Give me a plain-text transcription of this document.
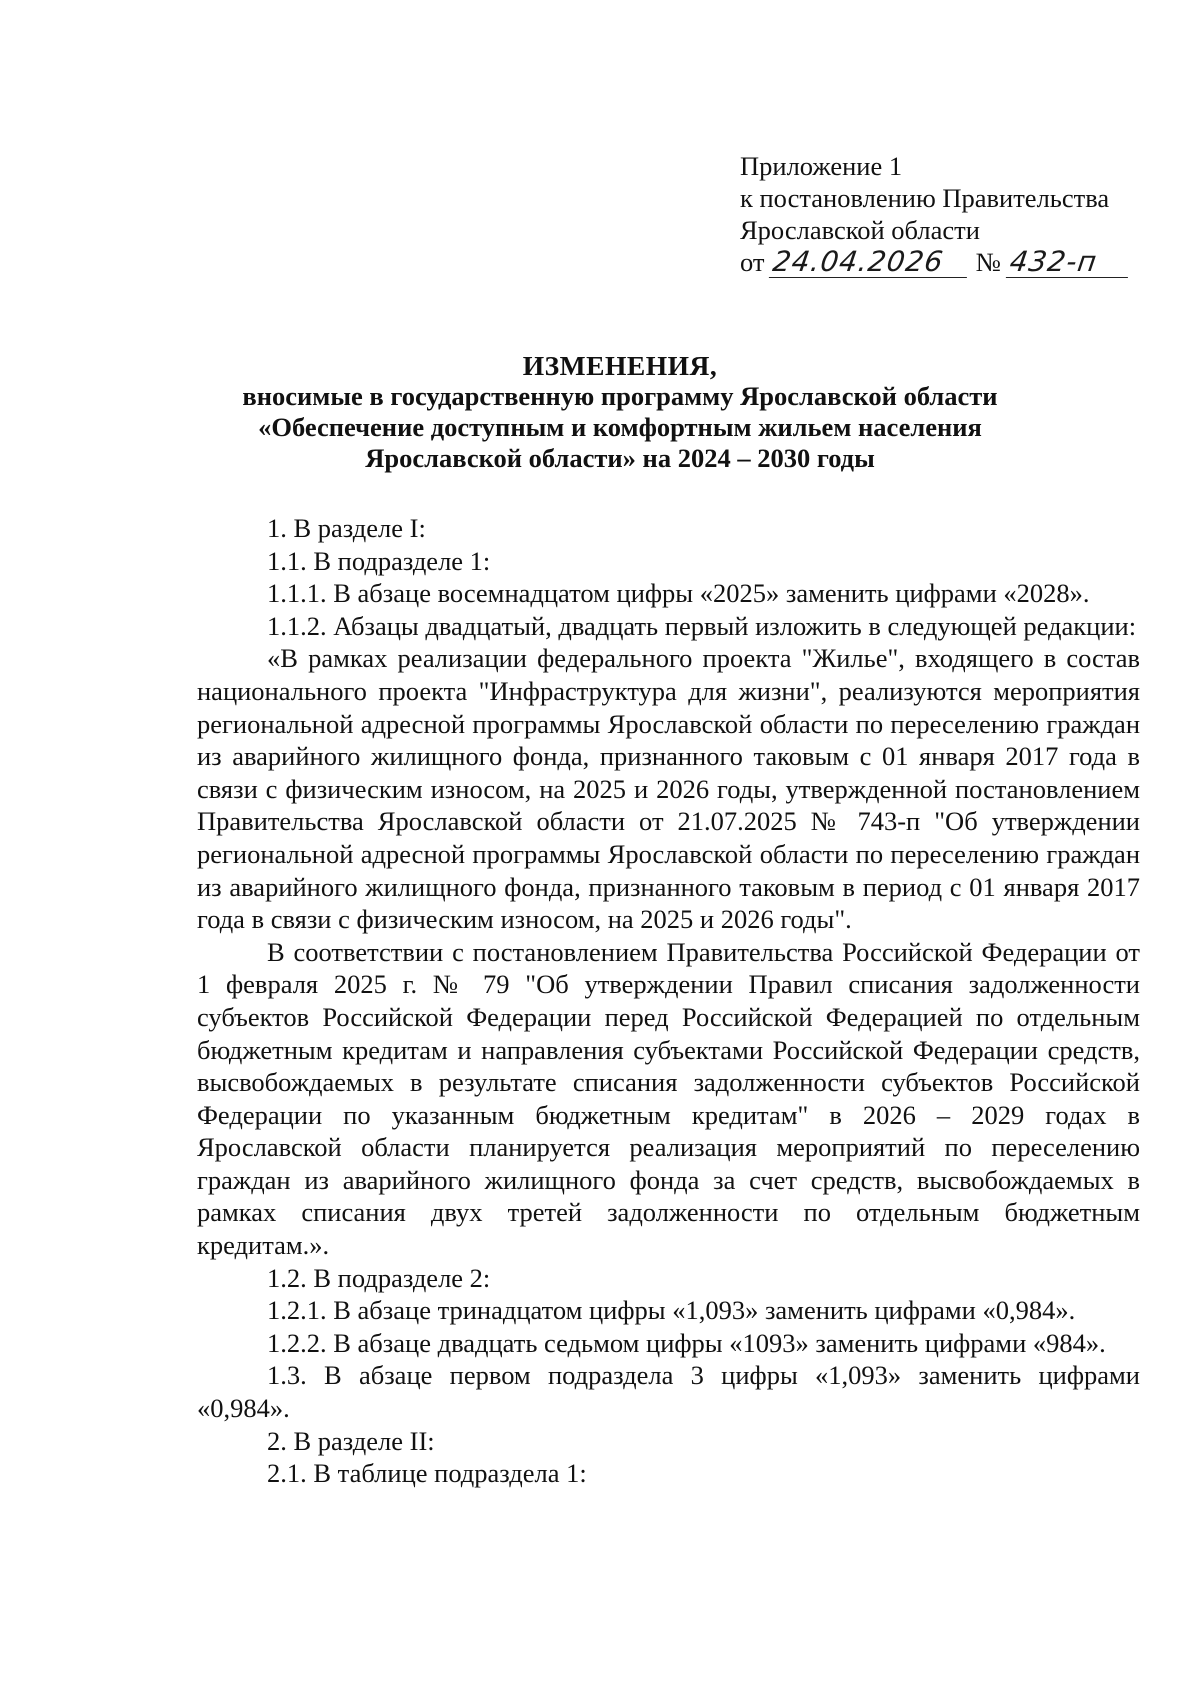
Приложение 1
к постановлению Правительства
Ярославской области
от 24.04.2026 № 432-п
ИЗМЕНЕНИЯ,
вносимые в государственную программу Ярославской области
«Обеспечение доступным и комфортным жильем населения
Ярославской области» на 2024 – 2030 годы

1. В разделе I:

1.1. В подразделе 1:

1.1.1. В абзаце восемнадцатом цифры «2025» заменить цифрами «2028».

1.1.2. Абзацы двадцатый, двадцать первый изложить в следующей редакции:

«В рамках реализации федерального проекта "Жилье", входящего в состав национального проекта "Инфраструктура для жизни", реализуются мероприятия региональной адресной программы Ярославской области по переселению граждан из аварийного жилищного фонда, признанного таковым с 01 января 2017 года в связи с физическим износом, на 2025 и 2026 годы, утвержденной постановлением Правительства Ярославской области от 21.07.2025 № 743-п "Об утверждении региональной адресной программы Ярославской области по переселению граждан из аварийного жилищного фонда, признанного таковым в период с 01 января 2017 года в связи с физическим износом, на 2025 и 2026 годы".

В соответствии с постановлением Правительства Российской Федерации от 1 февраля 2025 г. № 79 "Об утверждении Правил списания задолженности субъектов Российской Федерации перед Российской Федерацией по отдельным бюджетным кредитам и направления субъектами Российской Федерации средств, высвобождаемых в результате списания задолженности субъектов Российской Федерации по указанным бюджетным кредитам" в 2026 – 2029 годах в Ярославской области планируется реализация мероприятий по переселению граждан из аварийного жилищного фонда за счет средств, высвобождаемых в рамках списания двух третей задолженности по отдельным бюджетным кредитам.».

1.2. В подразделе 2:

1.2.1. В абзаце тринадцатом цифры «1,093» заменить цифрами «0,984».

1.2.2. В абзаце двадцать седьмом цифры «1093» заменить цифрами «984».

1.3. В абзаце первом подраздела 3 цифры «1,093» заменить цифрами «0,984».

2. В разделе II:

2.1. В таблице подраздела 1:
